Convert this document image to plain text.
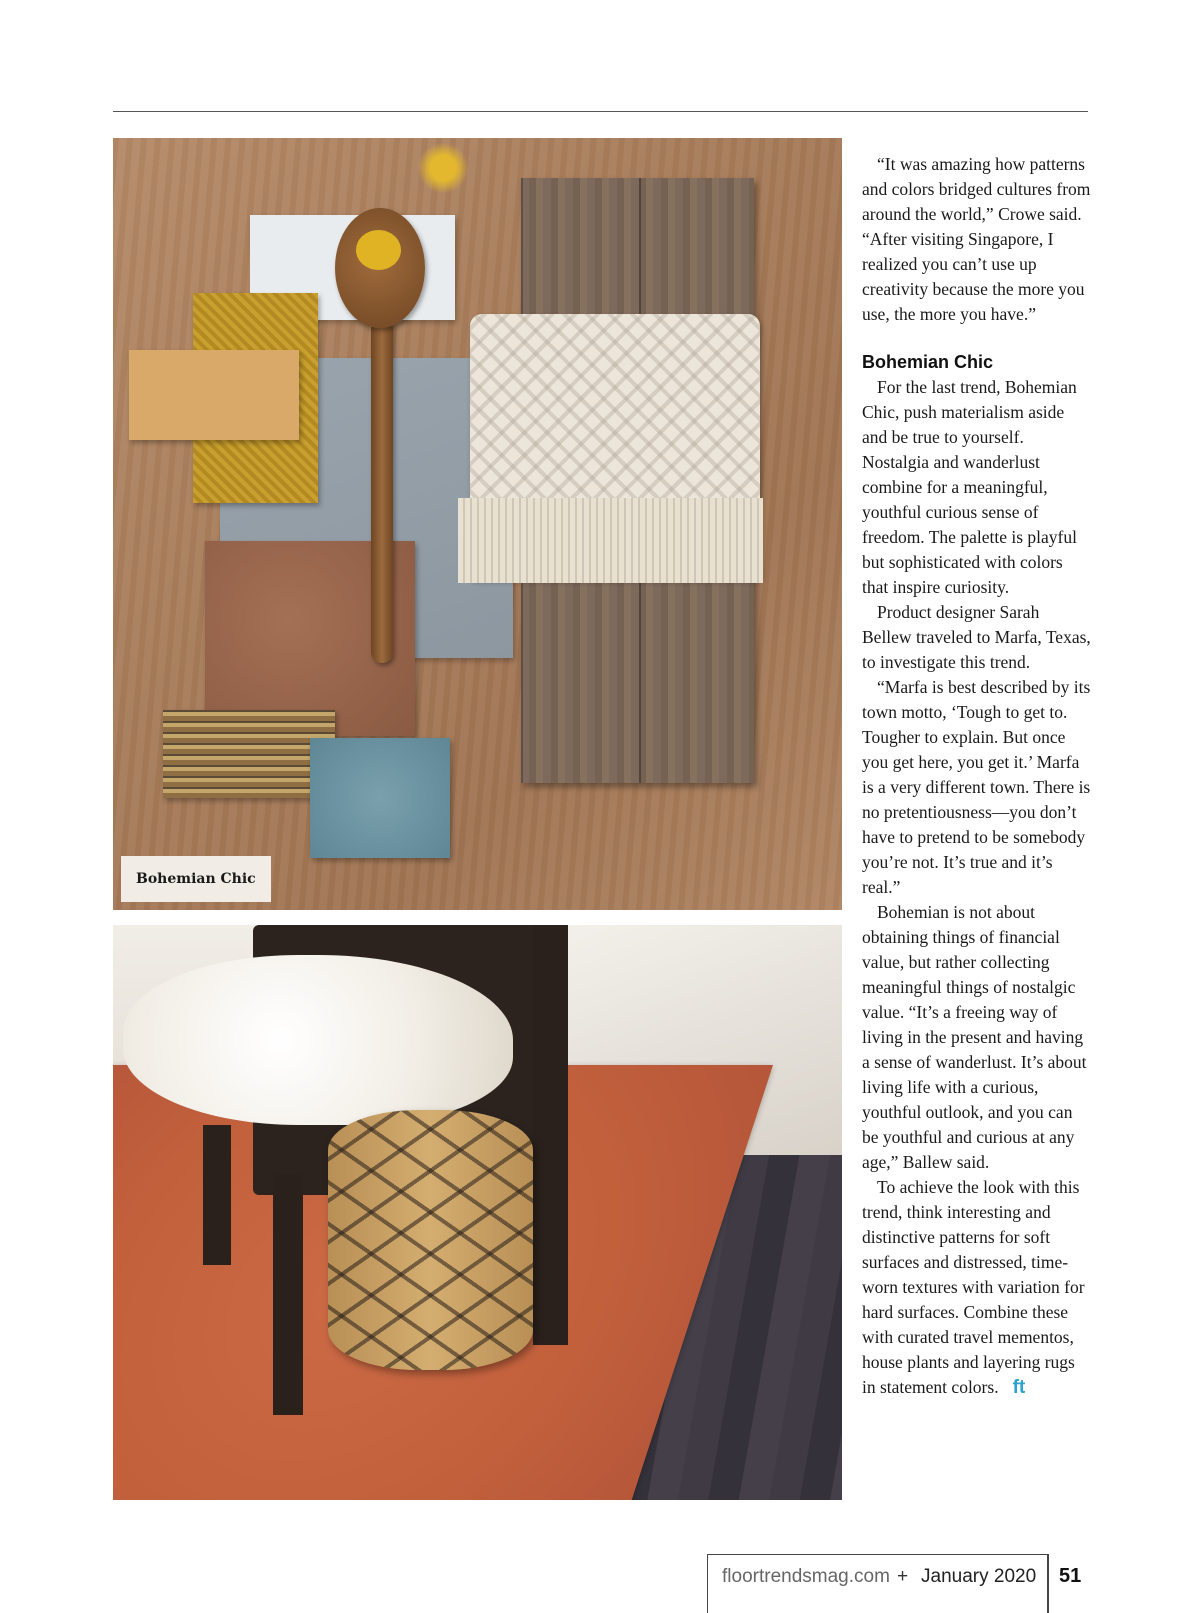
Bohemian Chic

“It was amazing how patterns and colors bridged cultures from around the world,” Crowe said. “After visiting Singapore, I realized you can’t use up creativity because the more you use, the more you have.”

Bohemian Chic

For the last trend, Bohemian Chic, push materialism aside and be true to yourself. Nostalgia and wanderlust combine for a meaningful, youthful curious sense of freedom. The palette is playful but sophisticated with colors that inspire curiosity.

Product designer Sarah Bellew traveled to Marfa, Texas, to investigate this trend.

“Marfa is best described by its town motto, ‘Tough to get to. Tougher to explain. But once you get here, you get it.’ Marfa is a very different town. There is no pretentiousness—you don’t have to pretend to be somebody you’re not. It’s true and it’s real.”

Bohemian is not about obtaining things of financial value, but rather collecting meaningful things of nostalgic value. “It’s a freeing way of living in the present and having a sense of wanderlust. It’s about living life with a curious, youthful outlook, and you can be youthful and curious at any age,” Ballew said.

To achieve the look with this trend, think interesting and distinctive patterns for soft surfaces and distressed, time-worn textures with variation for hard surfaces. Combine these with curated travel mementos, house plants and layering rugs in statement colors. ft

floortrendsmag.com + January 2020 51
